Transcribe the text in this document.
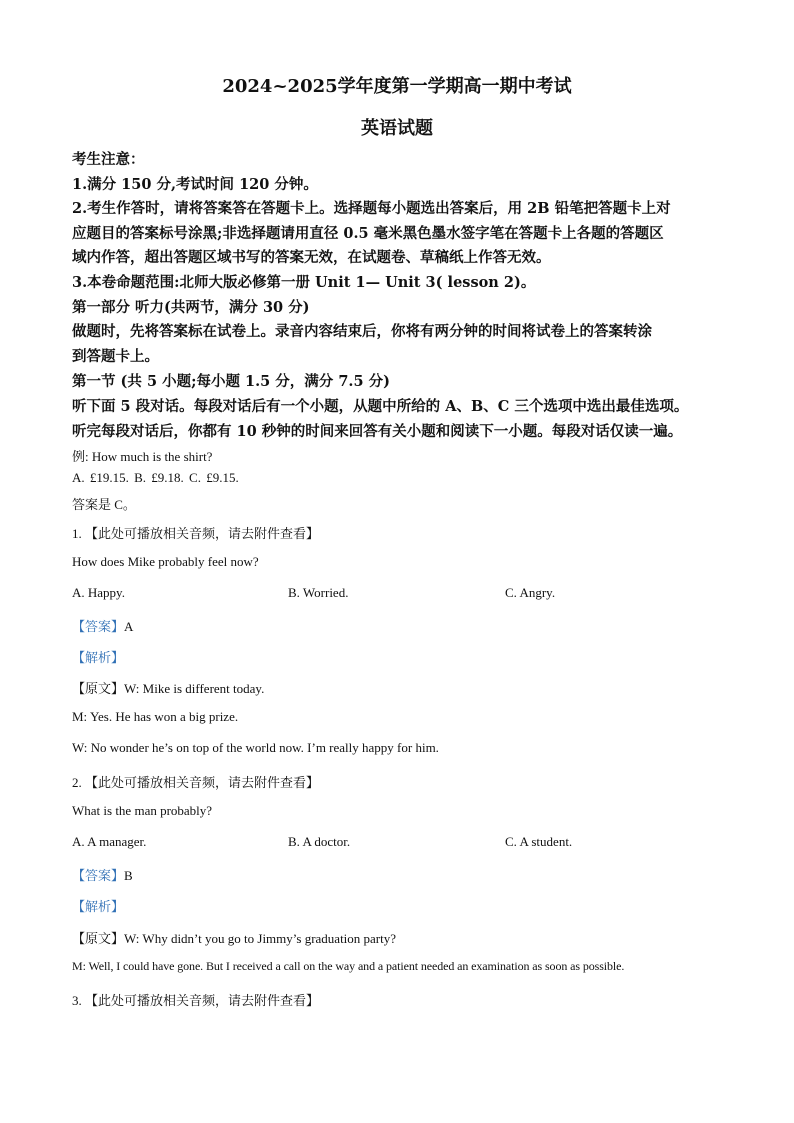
2024~2025学年度第一学期高一期中考试
英语试题
考生注意：
1.满分 150 分,考试时间 120 分钟。
2.考生作答时，请将答案答在答题卡上。选择题每小题选出答案后，用 2B 铅笔把答题卡上对
应题目的答案标号涂黑;非选择题请用直径 0.5 毫米黑色墨水签字笔在答题卡上各题的答题区
域内作答，超出答题区域书写的答案无效，在试题卷、草稿纸上作答无效。
3.本卷命题范围:北师大版必修第一册 Unit 1— Unit 3( lesson 2)。
第一部分 听力(共两节，满分 30 分)
做题时，先将答案标在试卷上。录音内容结束后，你将有两分钟的时间将试卷上的答案转涂
到答题卡上。
第一节 (共 5 小题;每小题 1.5 分，满分 7.5 分)
听下面 5 段对话。每段对话后有一个小题，从题中所给的 A、B、C 三个选项中选出最佳选项。
听完每段对话后，你都有 10 秒钟的时间来回答有关小题和阅读下一小题。每段对话仅读一遍。
例: How much is the shirt?
A. £19.15. B. £9.18. C. £9.15.
答案是 C。
1. 【此处可播放相关音频，请去附件查看】
How does Mike probably feel now?
A. Happy.	B. Worried.	C. Angry.
【答案】A
【解析】
【原文】W: Mike is different today.
M: Yes. He has won a big prize.
W: No wonder he’s on top of the world now. I’m really happy for him.
2. 【此处可播放相关音频，请去附件查看】
What is the man probably?
A. A manager.	B. A doctor.	C. A student.
【答案】B
【解析】
【原文】W: Why didn’t you go to Jimmy’s graduation party?
M: Well, I could have gone. But I received a call on the way and a patient needed an examination as soon as possible.
3. 【此处可播放相关音频，请去附件查看】
